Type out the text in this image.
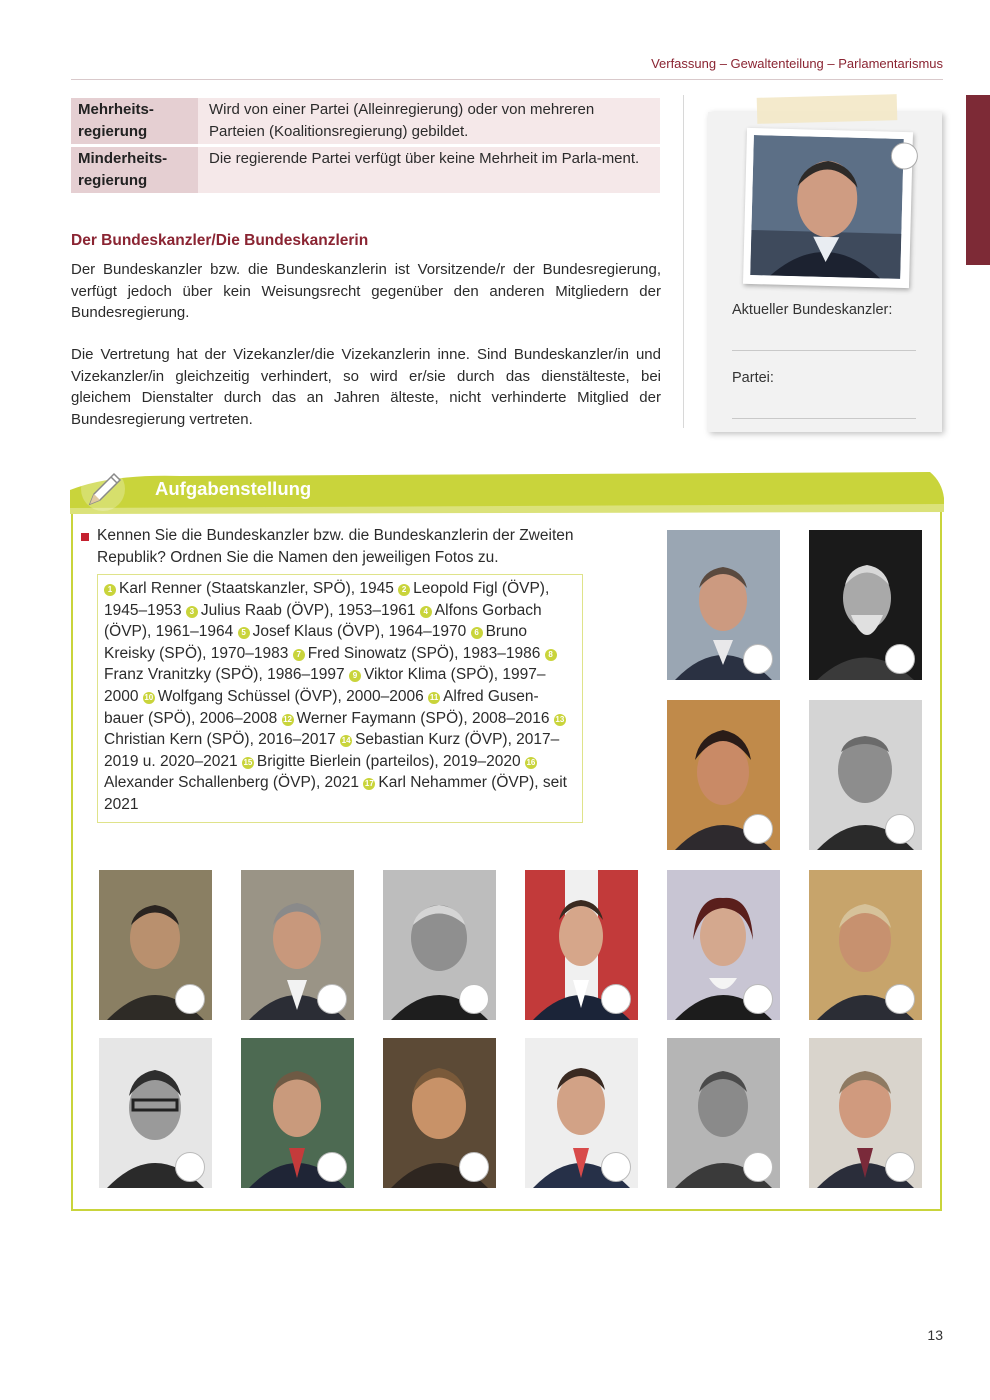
Verfassung – Gewaltenteilung – Parlamentarismus
Mehrheits-regierung	Wird von einer Partei (Alleinregierung) oder von mehreren Parteien (Koalitionsregierung) gebildet.
Minderheits-regierung	Die regierende Partei verfügt über keine Mehrheit im Parla-ment.
Der Bundeskanzler/Die Bundeskanzlerin
Der Bundeskanzler bzw. die Bundeskanzlerin ist Vorsitzende/r der Bundesregierung, verfügt jedoch über kein Weisungsrecht gegenüber den anderen Mitgliedern der Bundesregierung.
Die Vertretung hat der Vizekanzler/die Vizekanzlerin inne. Sind Bundeskanzler/in und Vizekanzler/in gleichzeitig verhindert, so wird er/sie durch das dienstälteste, bei gleichem Dienstalter durch das an Jahren älteste, nicht verhinderte Mitglied der Bundesregierung vertreten.
Aktueller Bundeskanzler:
Partei:
Aufgabenstellung
Kennen Sie die Bundeskanzler bzw. die Bundeskanzlerin der Zweiten Republik? Ordnen Sie die Namen den jeweiligen Fotos zu.
1 Karl Renner (Staatskanzler, SPÖ), 1945 2 Leopold Figl (ÖVP), 1945–1953 3 Julius Raab (ÖVP), 1953–1961 4 Alfons Gorbach (ÖVP), 1961–1964 5 Josef Klaus (ÖVP), 1964–1970 6 Bruno Kreisky (SPÖ), 1970–1983 7 Fred Sinowatz (SPÖ), 1983–1986 8Franz Vranitzky (SPÖ), 1986–1997 9 Viktor Klima (SPÖ), 1997–2000 10 Wolfgang Schüssel (ÖVP), 2000–2006 11 Alfred Gusen-bauer (SPÖ), 2006–2008 12 Werner Faymann (SPÖ), 2008–2016 13Christian Kern (SPÖ), 2016–2017 14 Sebastian Kurz (ÖVP), 2017–2019 u. 2020–2021 15 Brigitte Bierlein (parteilos), 2019–2020 16Alexander Schallenberg (ÖVP), 2021 17 Karl Nehammer (ÖVP), seit 2021
13
